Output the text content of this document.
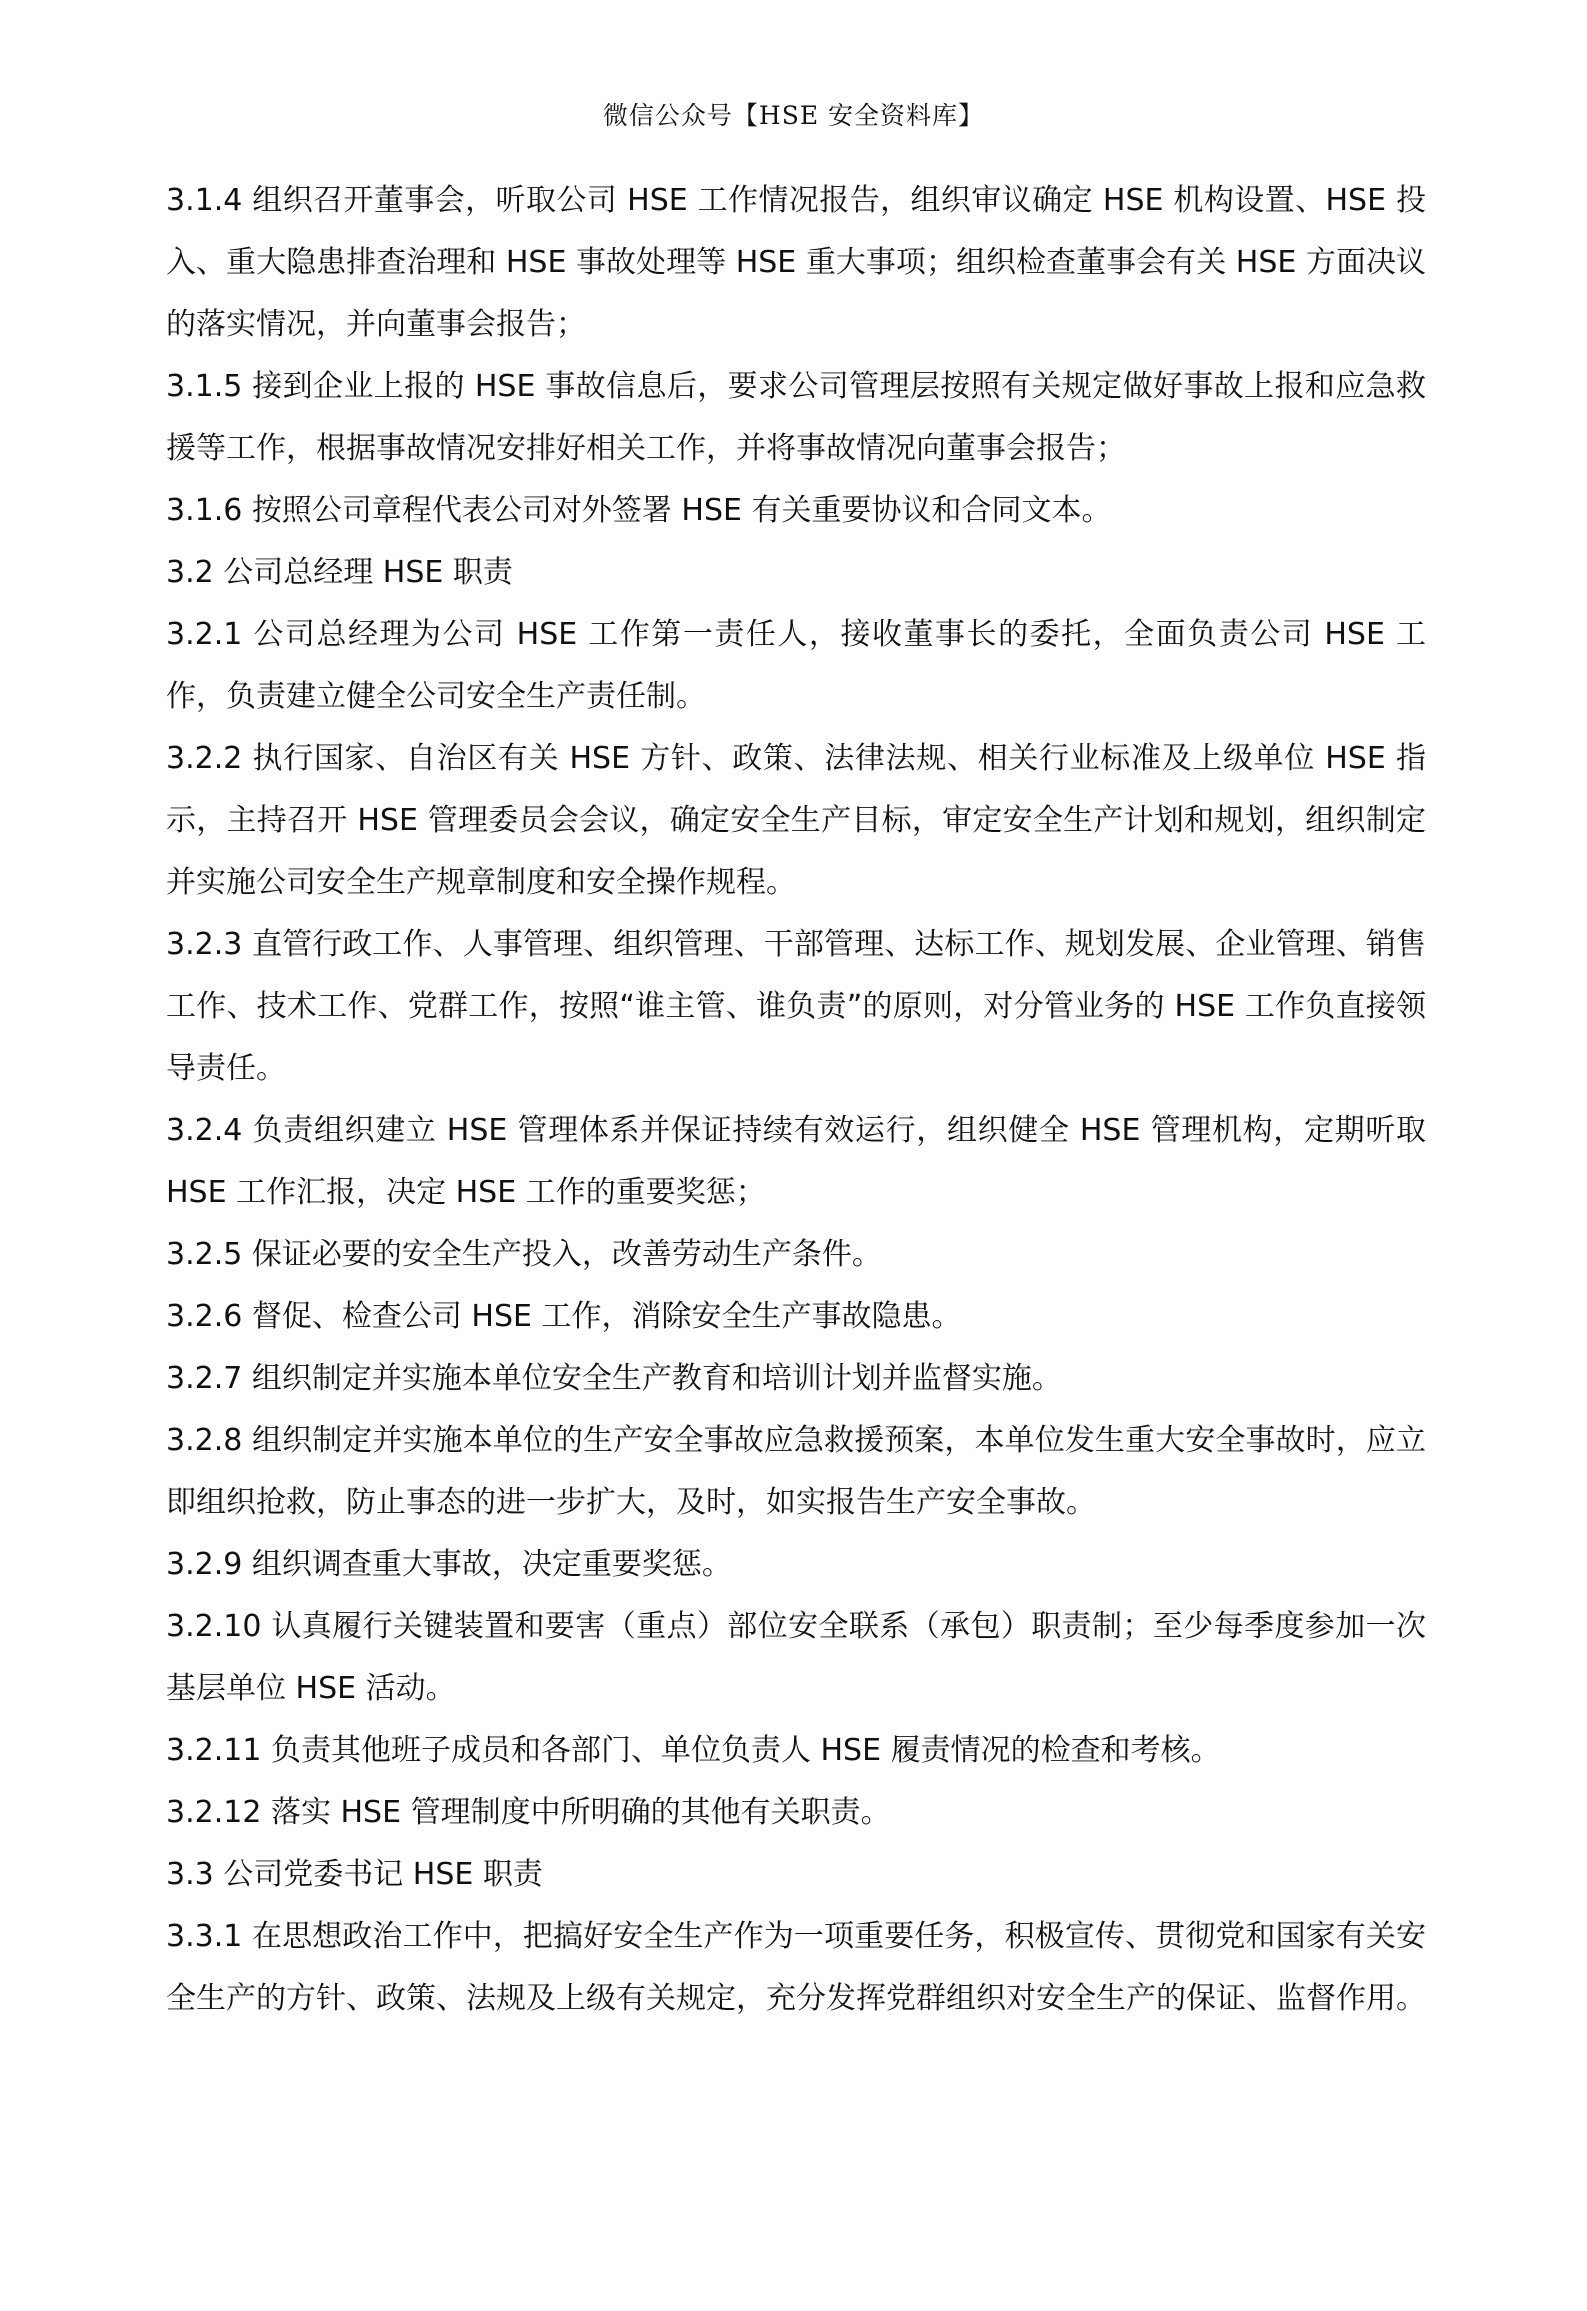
微信公众号【HSE 安全资料库】

3.1.4 组织召开董事会，听取公司 HSE 工作情况报告，组织审议确定 HSE 机构设置、HSE 投入、重大隐患排查治理和 HSE 事故处理等 HSE 重大事项；组织检查董事会有关 HSE 方面决议的落实情况，并向董事会报告；

3.1.5 接到企业上报的 HSE 事故信息后，要求公司管理层按照有关规定做好事故上报和应急救援等工作，根据事故情况安排好相关工作，并将事故情况向董事会报告；

3.1.6 按照公司章程代表公司对外签署 HSE 有关重要协议和合同文本。

3.2 公司总经理 HSE 职责

3.2.1 公司总经理为公司 HSE 工作第一责任人，接收董事长的委托，全面负责公司 HSE 工作，负责建立健全公司安全生产责任制。

3.2.2 执行国家、自治区有关 HSE 方针、政策、法律法规、相关行业标准及上级单位 HSE 指示，主持召开 HSE 管理委员会会议，确定安全生产目标，审定安全生产计划和规划，组织制定并实施公司安全生产规章制度和安全操作规程。

3.2.3 直管行政工作、人事管理、组织管理、干部管理、达标工作、规划发展、企业管理、销售工作、技术工作、党群工作，按照“谁主管、谁负责”的原则，对分管业务的 HSE 工作负直接领导责任。

3.2.4 负责组织建立 HSE 管理体系并保证持续有效运行，组织健全 HSE 管理机构，定期听取 HSE 工作汇报，决定 HSE 工作的重要奖惩；

3.2.5 保证必要的安全生产投入，改善劳动生产条件。

3.2.6 督促、检查公司 HSE 工作，消除安全生产事故隐患。

3.2.7 组织制定并实施本单位安全生产教育和培训计划并监督实施。

3.2.8 组织制定并实施本单位的生产安全事故应急救援预案，本单位发生重大安全事故时，应立即组织抢救，防止事态的进一步扩大，及时，如实报告生产安全事故。

3.2.9 组织调查重大事故，决定重要奖惩。

3.2.10 认真履行关键装置和要害（重点）部位安全联系（承包）职责制；至少每季度参加一次基层单位 HSE 活动。

3.2.11 负责其他班子成员和各部门、单位负责人 HSE 履责情况的检查和考核。

3.2.12 落实 HSE 管理制度中所明确的其他有关职责。

3.3 公司党委书记 HSE 职责

3.3.1 在思想政治工作中，把搞好安全生产作为一项重要任务，积极宣传、贯彻党和国家有关安全生产的方针、政策、法规及上级有关规定，充分发挥党群组织对安全生产的保证、监督作用。
